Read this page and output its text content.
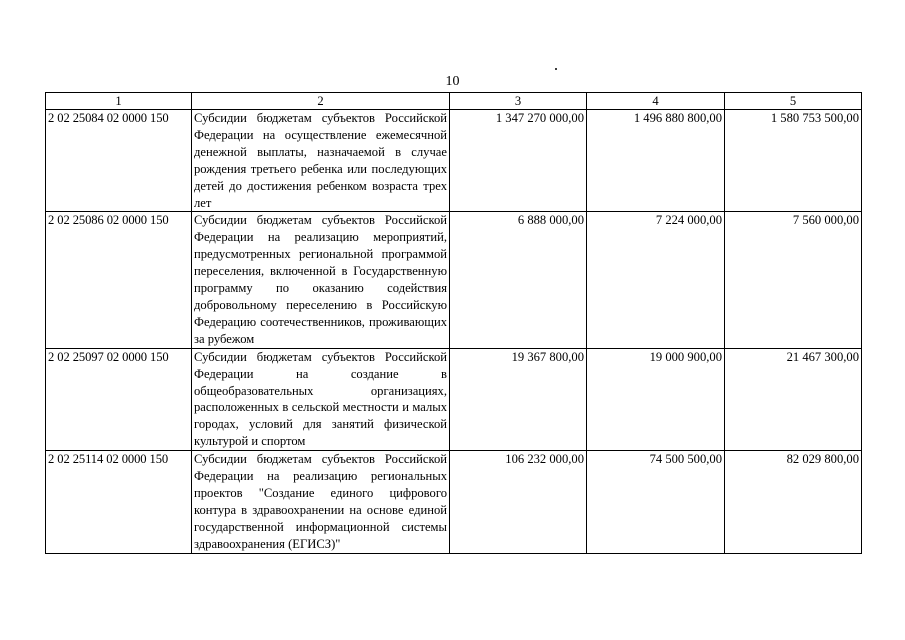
10
1	2	3	4	5
2 02 25084 02 0000 150	Субсидии бюджетам субъектов Российской Федерации на осуществление ежемесячной денежной выплаты, назначаемой в случае рождения третьего ребенка или последующих детей до достижения ребенком возраста трех лет	1 347 270 000,00	1 496 880 800,00	1 580 753 500,00
2 02 25086 02 0000 150	Субсидии бюджетам субъектов Российской Федерации на реализацию мероприятий, предусмотренных региональной программой переселения, включенной в Государственную программу по оказанию содействия добровольному переселению в Российскую Федерацию соотечественников, проживающих за рубежом	6 888 000,00	7 224 000,00	7 560 000,00
2 02 25097 02 0000 150	Субсидии бюджетам субъектов Российской Федерации на создание в общеобразовательных организациях, расположенных в сельской местности и малых городах, условий для занятий физической культурой и спортом	19 367 800,00	19 000 900,00	21 467 300,00
2 02 25114 02 0000 150	Субсидии бюджетам субъектов Российской Федерации на реализацию региональных проектов "Создание единого цифрового контура в здравоохранении на основе единой государственной информационной системы здравоохранения (ЕГИСЗ)"	106 232 000,00	74 500 500,00	82 029 800,00
